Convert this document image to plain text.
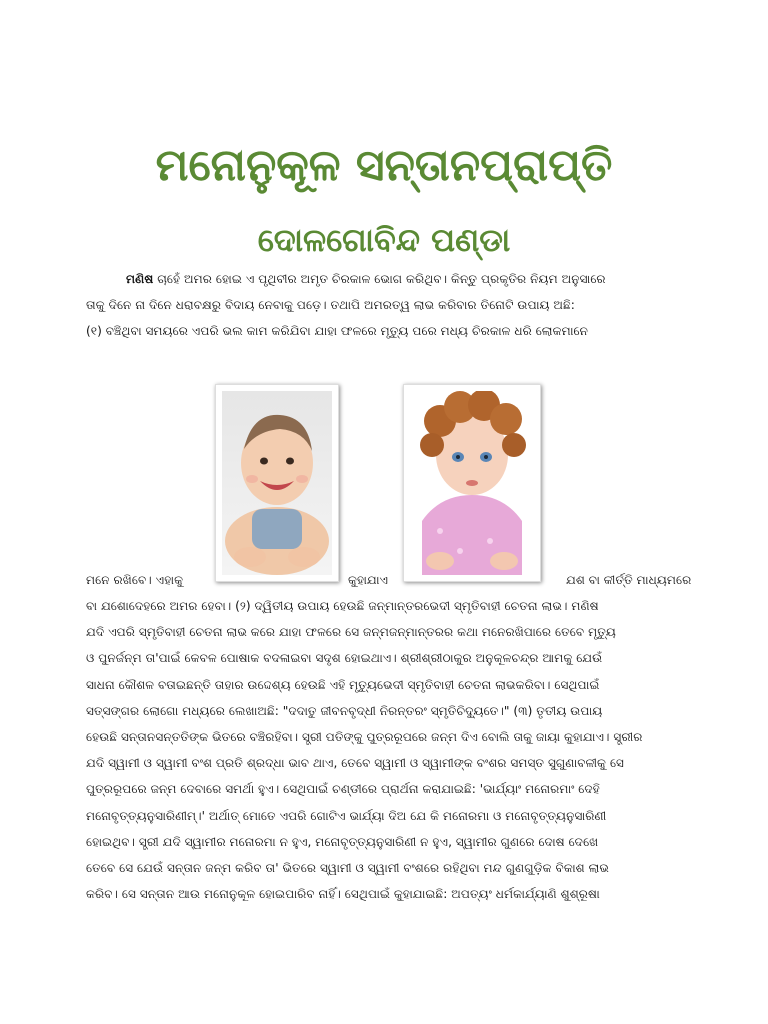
ମନୋନୁକୂଳ ସନ୍ତାନପ୍ରାପ୍ତି
ଦୋଳଗୋବିନ୍ଦ ପଣ୍ଡା
ମଣିଷ ଚାହେଁ ଅମର ହୋଇ ଏ ପୃଥିବୀର ଅମୃତ ଚିରକାଳ ଭୋଗ କରିଥିବ। କିନ୍ତୁ ପ୍ରକୃତିର ନିୟମ ଅନୁସାରେ
ତାକୁ ଦିନେ ନା ଦିନେ ଧରାବକ୍ଷରୁ ବିଦାୟ ନେବାକୁ ପଡ଼େ। ତଥାପି ଅମରତ୍ୱ ଲାଭ କରିବାର ତିନୋଟି ଉପାୟ ଅଛି:
(୧) ବଞ୍ଚିଥିବା ସମୟରେ ଏପରି ଭଲ କାମ କରିଯିବା ଯାହା ଫଳରେ ମୃତ୍ୟୁ ପରେ ମଧ୍ୟ ଚିରକାଳ ଧରି ଲୋକମାନେ
ମନେ ରଖିବେ। ଏହାକୁ	କୁହାଯାଏ	ଯଶ ବା କୀର୍ତ୍ତି ମାଧ୍ୟମରେ
ବା ଯଶୋଦେହରେ ଅମର ହେବା। (୨) ଦ୍ୱିତୀୟ ଉପାୟ ହେଉଛି ଜନ୍ମାନ୍ତରଭେଦୀ ସ୍ମୃତିବାହୀ ଚେତନା ଲାଭ। ମଣିଷ
ଯଦି ଏପରି ସ୍ମୃତିବାହୀ ଚେତନା ଲାଭ କରେ ଯାହା ଫଳରେ ସେ ଜନ୍ମଜନ୍ମାନ୍ତରର କଥା ମନେରଖିପାରେ ତେବେ ମୃତ୍ୟୁ
ଓ ପୁନର୍ଜନ୍ମ ତା'ପାଇଁ କେବଳ ପୋଷାକ ବଦଳାଇବା ସଦୃଶ ହୋଇଥାଏ। ଶ୍ରୀଶ୍ରୀଠାକୁର ଅନୁକୂଳଚନ୍ଦ୍ର ଆମକୁ ଯେଉଁ
ସାଧନା କୌଶଳ ବତାଇଛନ୍ତି ତାହାର ଉଦ୍ଦେଶ୍ୟ ହେଉଛି ଏହି ମୃତ୍ୟୁଭେଦୀ ସ୍ମୃତିବାହୀ ଚେତନା ଲାଭକରିବା। ସେଥିପାଇଁ
ସତ୍ସଙ୍ଗର ଲୋଗୋ ମଧ୍ୟରେ ଲେଖାଅଛି: "ଦଦାତୁ ଜୀବନବୃଦ୍ଧୀ ନିରନ୍ତରଂ ସ୍ମୃତିଚିଦ୍ୟୁତେ।" (୩) ତୃତୀୟ ଉପାୟ
ହେଉଛି ସନ୍ତାନସନ୍ତତିଙ୍କ ଭିତରେ ବଞ୍ଚିରହିବା। ସ୍ତ୍ରୀ ପତିଙ୍କୁ ପୁତ୍ରରୂପରେ ଜନ୍ମ ଦିଏ ବୋଲି ତାକୁ ଜାୟା କୁହାଯାଏ। ସ୍ତ୍ରୀର
ଯଦି ସ୍ୱାମୀ ଓ ସ୍ୱାମୀ ବଂଶ ପ୍ରତି ଶ୍ରଦ୍ଧା ଭାବ ଥାଏ, ତେବେ ସ୍ୱାମୀ ଓ ସ୍ୱାମୀଙ୍କ ବଂଶର ସମସ୍ତ ସୁଗୁଣାବଳୀକୁ ସେ
ପୁତ୍ରରୂପରେ ଜନ୍ମ ଦେବାରେ ସମର୍ଥା ହୁଏ। ସେଥିପାଇଁ ଚଣ୍ଡୀରେ ପ୍ରାର୍ଥନା କରାଯାଇଛି: 'ଭାର୍ଯ୍ୟାଂ ମନୋରମାଂ ଦେହି
ମନୋବୃତ୍ତ୍ୟନୁସାରିଣୀମ୍।' ଅର୍ଥାତ୍ ମୋତେ ଏପରି ଗୋଟିଏ ଭାର୍ଯ୍ୟା ଦିଅ ଯେ କି ମନୋରମା ଓ ମନୋବୃତ୍ତ୍ୟନୁସାରିଣୀ
ହୋଇଥିବ। ସ୍ତ୍ରୀ ଯଦି ସ୍ୱାମୀର ମନୋରମା ନ ହୁଏ, ମନୋବୃତ୍ତ୍ୟନୁସାରିଣୀ ନ ହୁଏ, ସ୍ୱାମୀର ଗୁଣରେ ଦୋଷ ଦେଖେ
ତେବେ ସେ ଯେଉଁ ସନ୍ତାନ ଜନ୍ମ କରିବ ତା' ଭିତରେ ସ୍ୱାମୀ ଓ ସ୍ୱାମୀ ବଂଶରେ ରହିଥିବା ମନ୍ଦ ଗୁଣଗୁଡ଼ିକ ବିକାଶ ଲାଭ
କରିବ। ସେ ସନ୍ତାନ ଆଉ ମନୋନୁକୂଳ ହୋଇପାରିବ ନାହିଁ। ସେଥିପାଇଁ କୁହାଯାଇଛି: ଅପତ୍ୟଂ ଧର୍ମକାର୍ଯ୍ୟାଣି ଶୁଶ୍ରୂଷା
